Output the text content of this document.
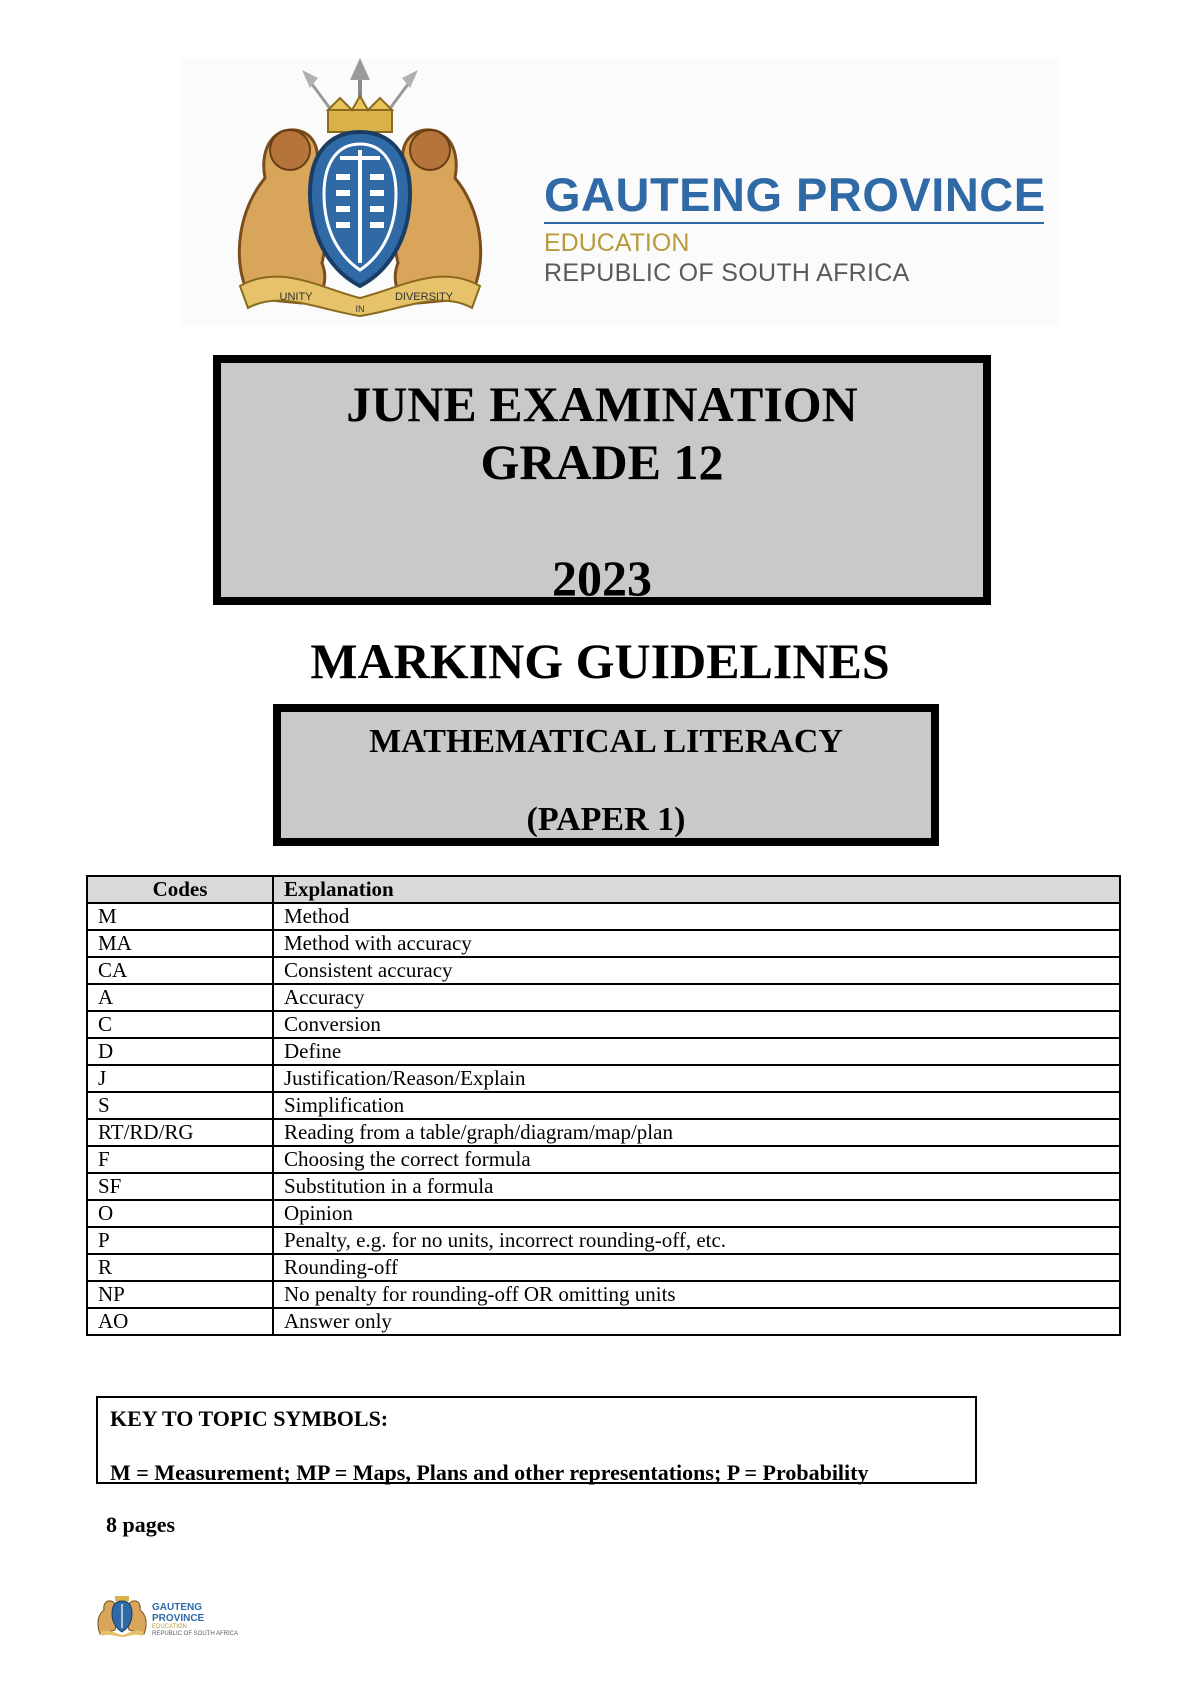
UNITY
IN
DIVERSITY
GAUTENG PROVINCE
EDUCATION
REPUBLIC OF SOUTH AFRICA
JUNE EXAMINATION
GRADE 12
2023
MARKING GUIDELINES
MATHEMATICAL LITERACY
(PAPER 1)
Codes	Explanation
M	Method
MA	Method with accuracy
CA	Consistent accuracy
A	Accuracy
C	Conversion
D	Define
J	Justification/Reason/Explain
S	Simplification
RT/RD/RG	Reading from a table/graph/diagram/map/plan
F	Choosing the correct formula
SF	Substitution in a formula
O	Opinion
P	Penalty, e.g. for no units, incorrect rounding-off, etc.
R	Rounding-off
NP	No penalty for rounding-off OR omitting units
AO	Answer only
KEY TO TOPIC SYMBOLS:
M = Measurement; MP = Maps, Plans and other representations; P = Probability
8 pages
GAUTENG PROVINCE
EDUCATION
REPUBLIC OF SOUTH AFRICA
